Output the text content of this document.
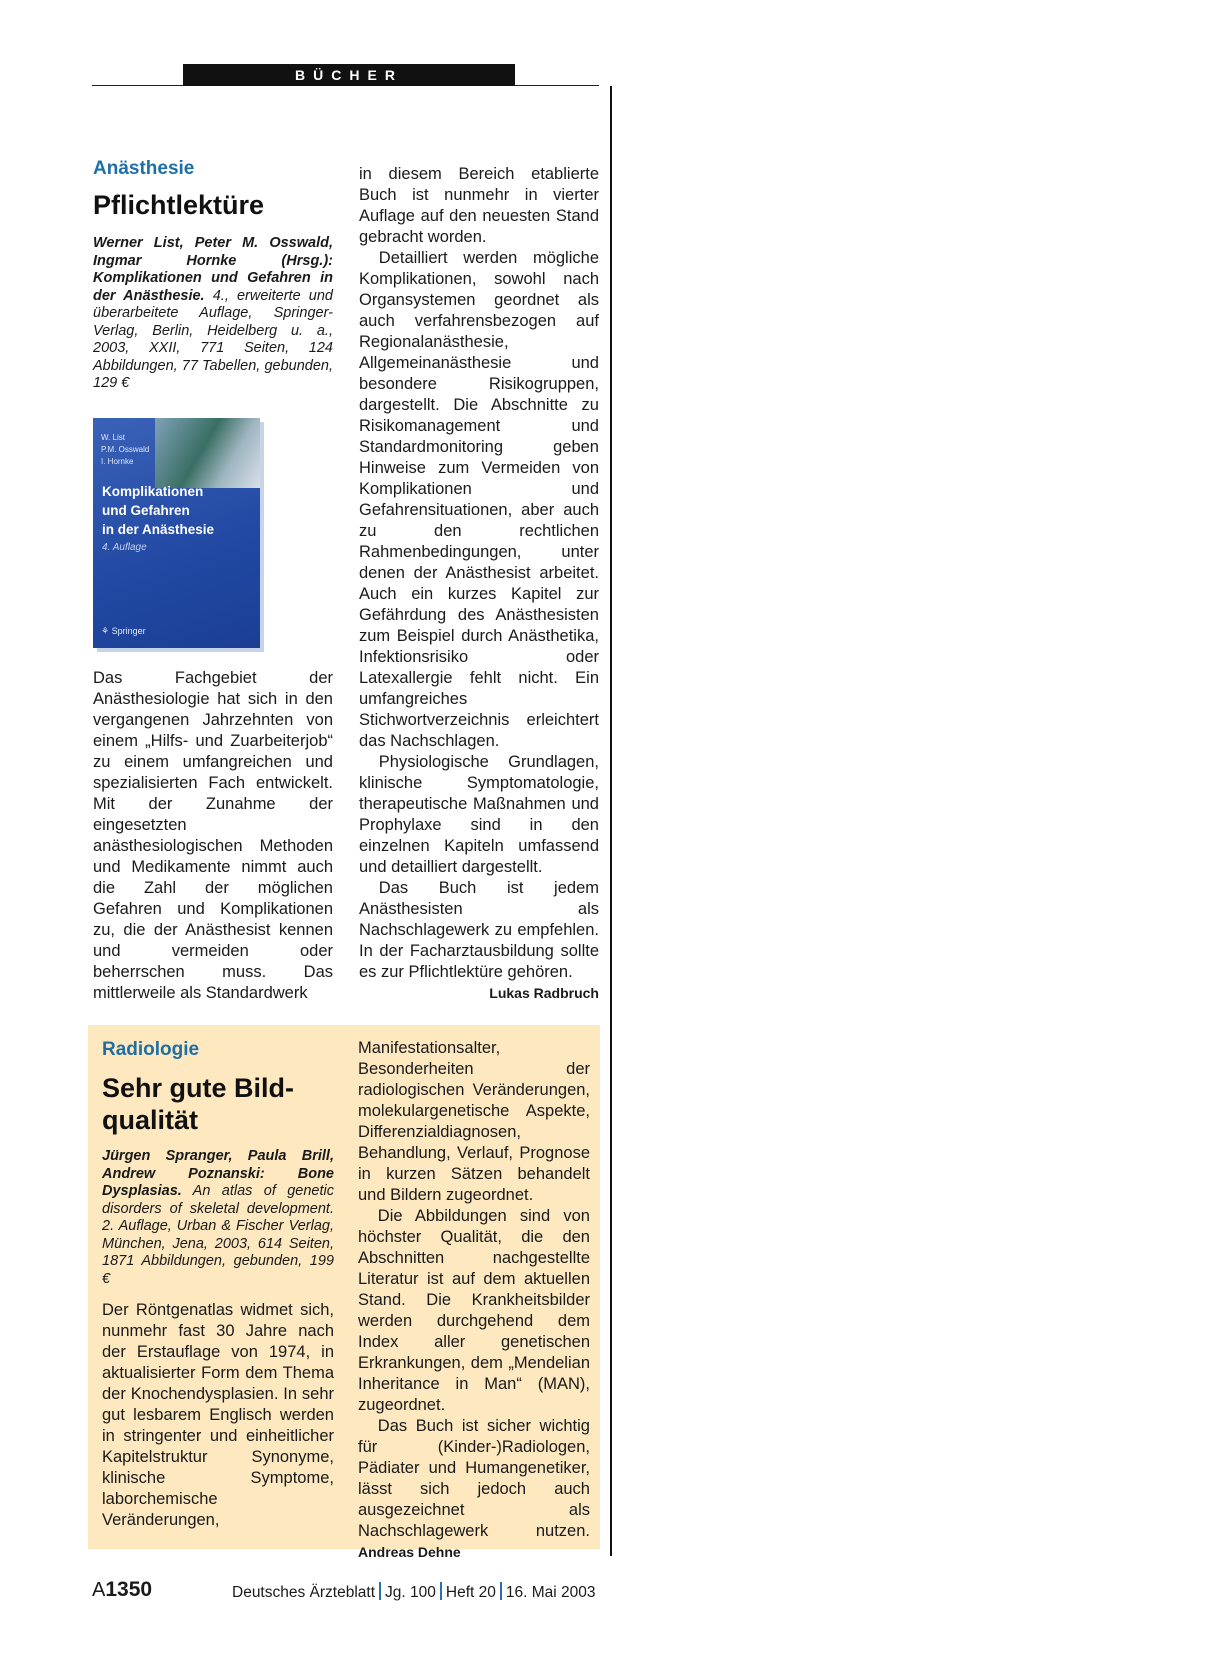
BÜCHER

Anästhesie

Pflichtlektüre

Werner List, Peter M. Osswald, Ingmar Hornke (Hrsg.): Komplikationen und Gefahren in der Anästhesie. 4., erweiterte und überarbeitete Auflage, Springer-Verlag, Berlin, Heidelberg u. a., 2003, XXII, 771 Seiten, 124 Abbildungen, 77 Tabellen, gebunden, 129 €

W. List
P.M. Osswald
I. Hornke
Komplikationen
und Gefahren
in der Anästhesie
4. Auflage
⚘ Springer

Das Fachgebiet der Anästhesiologie hat sich in den vergangenen Jahrzehnten von einem „Hilfs- und Zuarbeiterjob“ zu einem umfangreichen und spezialisierten Fach entwickelt. Mit der Zunahme der eingesetzten anästhesiologischen Methoden und Medikamente nimmt auch die Zahl der möglichen Gefahren und Komplikationen zu, die der Anästhesist kennen und vermeiden oder beherrschen muss. Das mittlerweile als Standardwerk

in diesem Bereich etablierte Buch ist nunmehr in vierter Auflage auf den neuesten Stand gebracht worden.

Detailliert werden mögliche Komplikationen, sowohl nach Organsystemen geordnet als auch verfahrensbezogen auf Regionalanästhesie, Allgemeinanästhesie und besondere Risikogruppen, dargestellt. Die Abschnitte zu Risikomanagement und Standardmonitoring geben Hinweise zum Vermeiden von Komplikationen und Gefahrensituationen, aber auch zu den rechtlichen Rahmenbedingungen, unter denen der Anästhesist arbeitet. Auch ein kurzes Kapitel zur Gefährdung des Anästhesisten zum Beispiel durch Anästhetika, Infektionsrisiko oder Latexallergie fehlt nicht. Ein umfangreiches Stichwortverzeichnis erleichtert das Nachschlagen.

Physiologische Grundlagen, klinische Symptomatologie, therapeutische Maßnahmen und Prophylaxe sind in den einzelnen Kapiteln umfassend und detailliert dargestellt.

Das Buch ist jedem Anästhesisten als Nachschlagewerk zu empfehlen. In der Facharztausbildung sollte es zur Pflichtlektüre gehören.
Lukas Radbruch

Radiologie

Sehr gute Bild-
qualität

Jürgen Spranger, Paula Brill, Andrew Poznanski: Bone Dysplasias. An atlas of genetic disorders of skeletal development. 2. Auflage, Urban & Fischer Verlag, München, Jena, 2003, 614 Seiten, 1871 Abbildungen, gebunden, 199 €

Der Röntgenatlas widmet sich, nunmehr fast 30 Jahre nach der Erstauflage von 1974, in aktualisierter Form dem Thema der Knochendysplasien. In sehr gut lesbarem Englisch werden in stringenter und einheitlicher Kapitelstruktur Synonyme, klinische Symptome, laborchemische Veränderungen,

Manifestationsalter, Besonderheiten der radiologischen Veränderungen, molekulargenetische Aspekte, Differenzialdiagnosen, Behandlung, Verlauf, Prognose in kurzen Sätzen behandelt und Bildern zugeordnet.

Die Abbildungen sind von höchster Qualität, die den Abschnitten nachgestellte Literatur ist auf dem aktuellen Stand. Die Krankheitsbilder werden durchgehend dem Index aller genetischen Erkrankungen, dem „Mendelian Inheritance in Man“ (MAN), zugeordnet.

Das Buch ist sicher wichtig für (Kinder-)Radiologen, Pädiater und Humangenetiker, lässt sich jedoch auch ausgezeichnet als Nachschlagewerk nutzen. Andreas Dehne

A1350	Deutsches Ärzteblatt Jg. 100 Heft 20 16. Mai 2003
